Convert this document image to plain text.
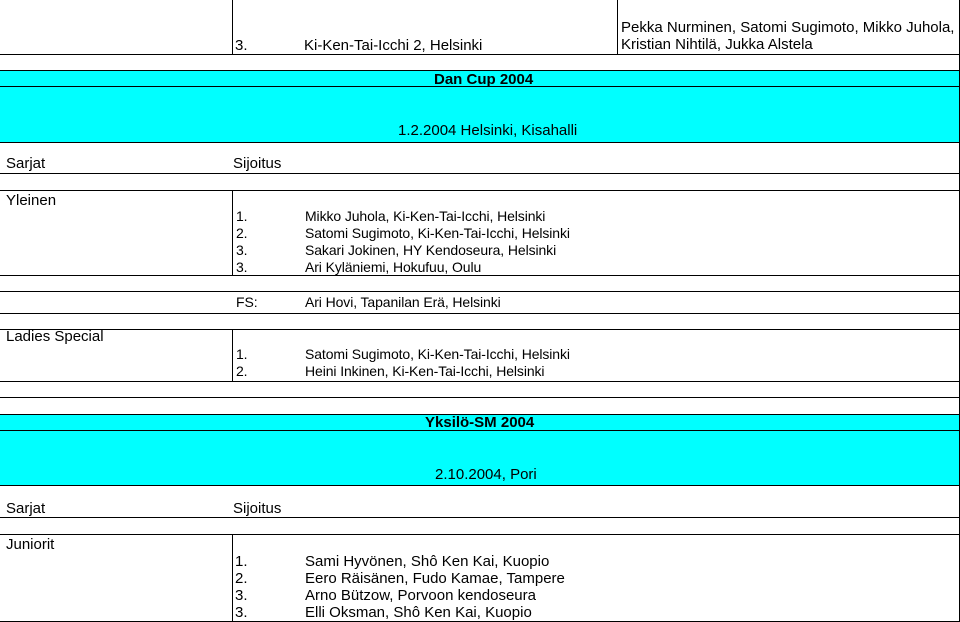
3.	Ki-Ken-Tai-Icchi 2, Helsinki
Pekka Nurminen, Satomi Sugimoto, Mikko Juhola,
Kristian Nihtilä, Jukka Alstela
Dan Cup 2004
1.2.2004 Helsinki, Kisahalli
Sarjat	Sijoitus
Yleinen
1.	Mikko Juhola, Ki-Ken-Tai-Icchi, Helsinki
2.	Satomi Sugimoto, Ki-Ken-Tai-Icchi, Helsinki
3.	Sakari Jokinen, HY Kendoseura, Helsinki
3.	Ari Kyläniemi, Hokufuu, Oulu
FS:	Ari Hovi, Tapanilan Erä, Helsinki
Ladies Special
1.	Satomi Sugimoto, Ki-Ken-Tai-Icchi, Helsinki
2.	Heini Inkinen, Ki-Ken-Tai-Icchi, Helsinki
Yksilö-SM 2004
2.10.2004, Pori
Sarjat	Sijoitus
Juniorit
1.	Sami Hyvönen, Shô Ken Kai, Kuopio
2.	Eero Räisänen, Fudo Kamae, Tampere
3.	Arno Bützow, Porvoon kendoseura
3.	Elli Oksman, Shô Ken Kai, Kuopio
